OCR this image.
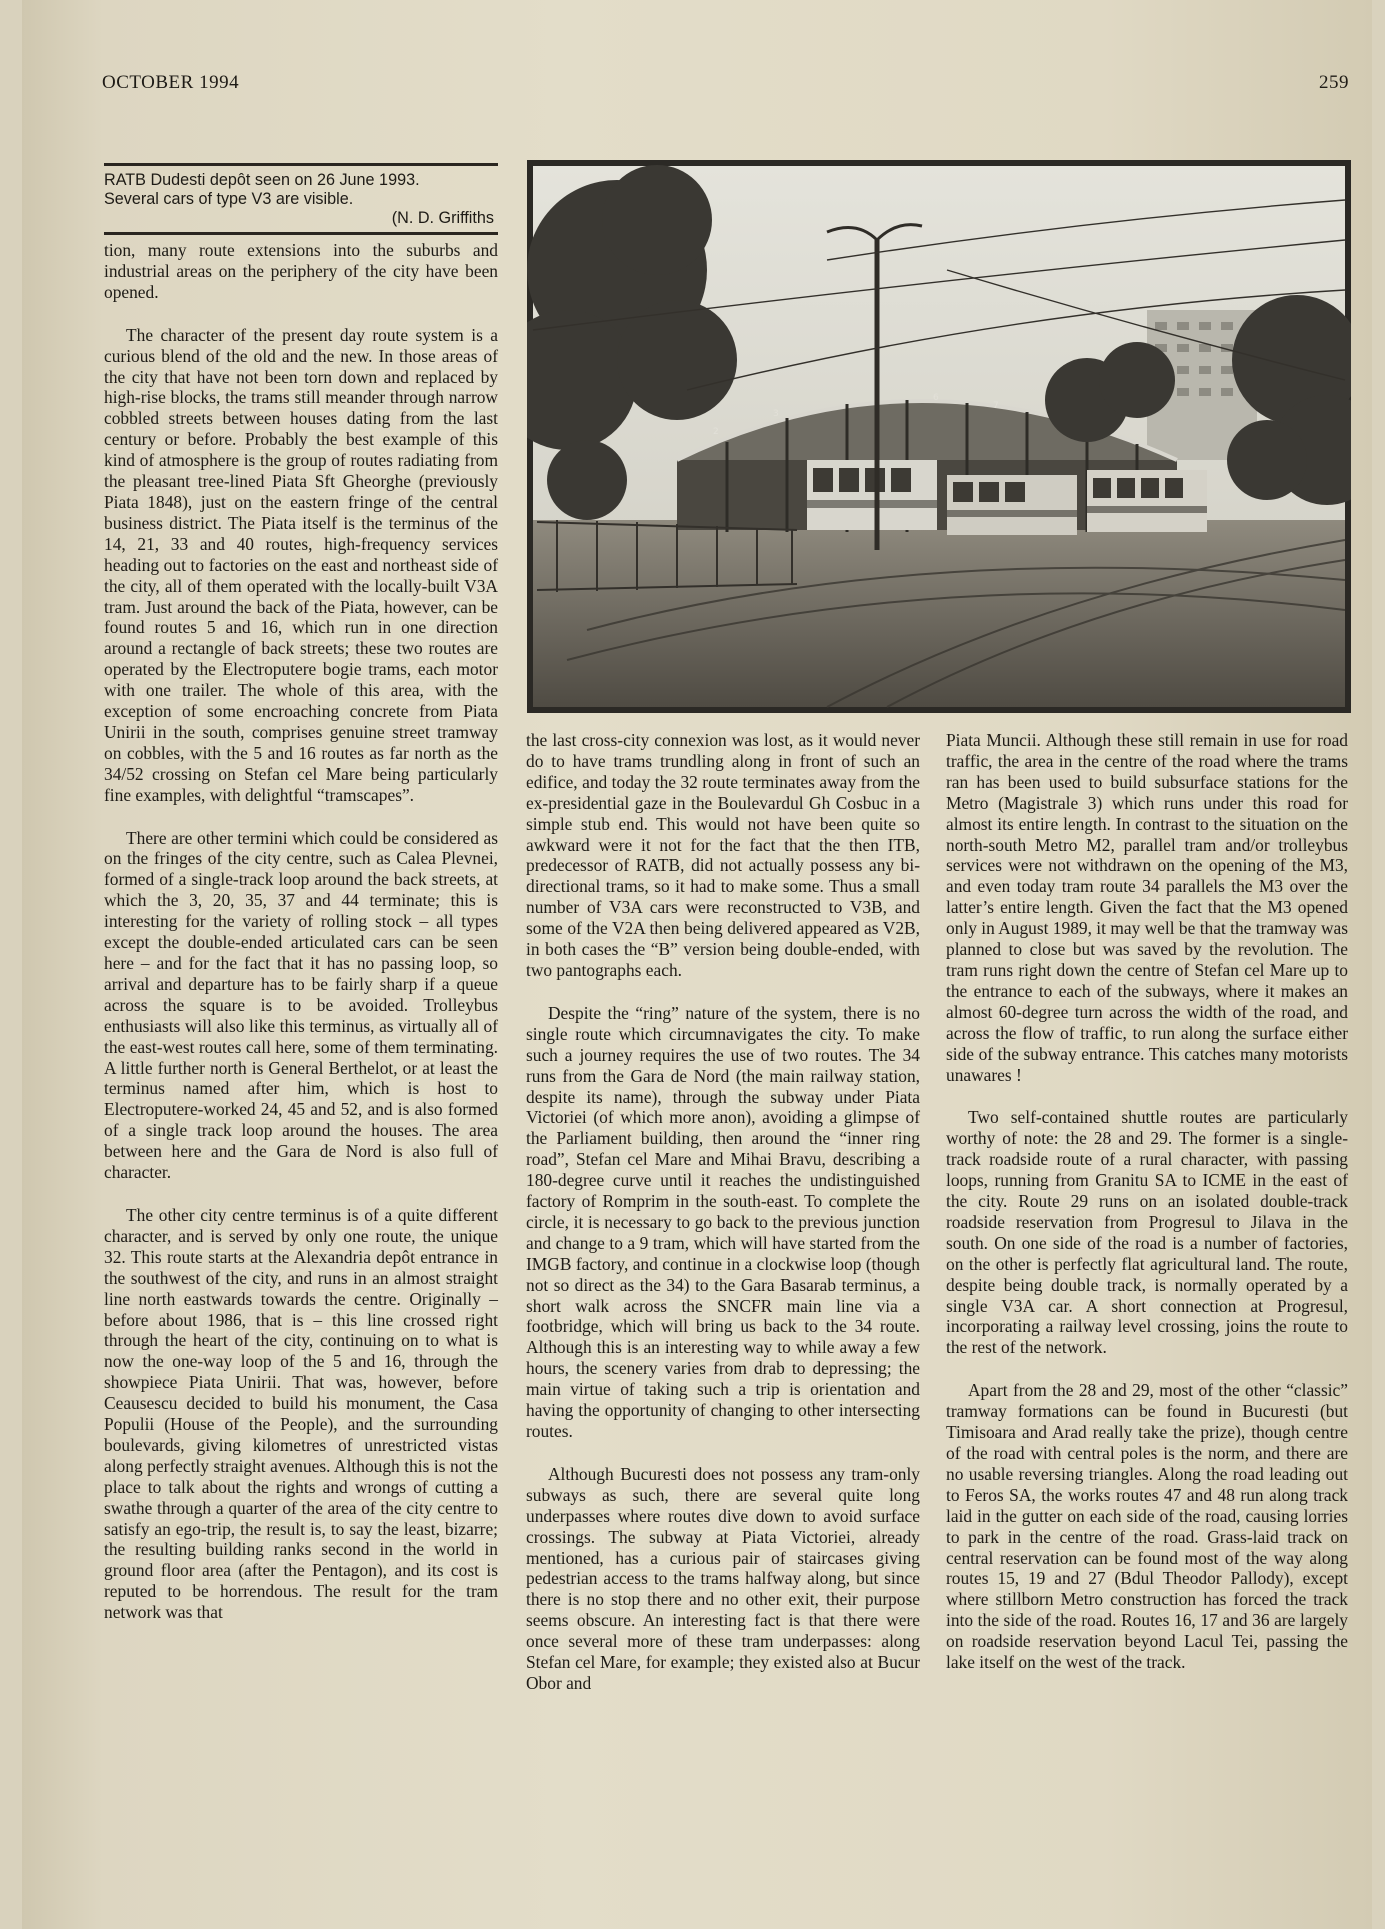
OCTOBER 1994	259
RATB Dudesti depôt seen on 26 June 1993.
Several cars of type V3 are visible.
(N. D. Griffiths
2
3
6
7

tion, many route extensions into the suburbs and industrial areas on the periphery of the city have been opened.

The character of the present day route system is a curious blend of the old and the new. In those areas of the city that have not been torn down and replaced by high-rise blocks, the trams still meander through narrow cobbled streets between houses dating from the last century or before. Probably the best example of this kind of atmosphere is the group of routes radiating from the pleasant tree-lined Piata Sft Gheorghe (previously Piata 1848), just on the eastern fringe of the central business district. The Piata itself is the terminus of the 14, 21, 33 and 40 routes, high-frequency services heading out to factories on the east and northeast side of the city, all of them operated with the locally-built V3A tram. Just around the back of the Piata, however, can be found routes 5 and 16, which run in one direction around a rectangle of back streets; these two routes are operated by the Electroputere bogie trams, each motor with one trailer. The whole of this area, with the exception of some encroaching concrete from Piata Unirii in the south, comprises genuine street tramway on cobbles, with the 5 and 16 routes as far north as the 34/52 crossing on Stefan cel Mare being particularly fine examples, with delightful “tramscapes”.

There are other termini which could be considered as on the fringes of the city centre, such as Calea Plevnei, formed of a single-track loop around the back streets, at which the 3, 20, 35, 37 and 44 terminate; this is interesting for the variety of rolling stock – all types except the double-ended articulated cars can be seen here – and for the fact that it has no passing loop, so arrival and departure has to be fairly sharp if a queue across the square is to be avoided. Trolleybus enthusiasts will also like this terminus, as virtually all of the east-west routes call here, some of them terminating. A little further north is General Berthelot, or at least the terminus named after him, which is host to Electroputere-worked 24, 45 and 52, and is also formed of a single track loop around the houses. The area between here and the Gara de Nord is also full of character.

The other city centre terminus is of a quite different character, and is served by only one route, the unique 32. This route starts at the Alexandria depôt entrance in the southwest of the city, and runs in an almost straight line north eastwards towards the centre. Originally – before about 1986, that is – this line crossed right through the heart of the city, continuing on to what is now the one-way loop of the 5 and 16, through the showpiece Piata Unirii. That was, however, before Ceausescu decided to build his monument, the Casa Populii (House of the People), and the surrounding boulevards, giving kilometres of unrestricted vistas along perfectly straight avenues. Although this is not the place to talk about the rights and wrongs of cutting a swathe through a quarter of the area of the city centre to satisfy an ego-trip, the result is, to say the least, bizarre; the resulting building ranks second in the world in ground floor area (after the Pentagon), and its cost is reputed to be horrendous. The result for the tram network was that

the last cross-city connexion was lost, as it would never do to have trams trundling along in front of such an edifice, and today the 32 route terminates away from the ex-presidential gaze in the Boulevardul Gh Cosbuc in a simple stub end. This would not have been quite so awkward were it not for the fact that the then ITB, predecessor of RATB, did not actually possess any bi-directional trams, so it had to make some. Thus a small number of V3A cars were reconstructed to V3B, and some of the V2A then being delivered appeared as V2B, in both cases the “B” version being double-ended, with two pantographs each.

Despite the “ring” nature of the system, there is no single route which circumnavigates the city. To make such a journey requires the use of two routes. The 34 runs from the Gara de Nord (the main railway station, despite its name), through the subway under Piata Victoriei (of which more anon), avoiding a glimpse of the Parliament building, then around the “inner ring road”, Stefan cel Mare and Mihai Bravu, describing a 180-degree curve until it reaches the undistinguished factory of Romprim in the south-east. To complete the circle, it is necessary to go back to the previous junction and change to a 9 tram, which will have started from the IMGB factory, and continue in a clockwise loop (though not so direct as the 34) to the Gara Basarab terminus, a short walk across the SNCFR main line via a footbridge, which will bring us back to the 34 route. Although this is an interesting way to while away a few hours, the scenery varies from drab to depressing; the main virtue of taking such a trip is orientation and having the opportunity of changing to other intersecting routes.

Although Bucuresti does not possess any tram-only subways as such, there are several quite long underpasses where routes dive down to avoid surface crossings. The subway at Piata Victoriei, already mentioned, has a curious pair of staircases giving pedestrian access to the trams halfway along, but since there is no stop there and no other exit, their purpose seems obscure. An interesting fact is that there were once several more of these tram underpasses: along Stefan cel Mare, for example; they existed also at Bucur Obor and

Piata Muncii. Although these still remain in use for road traffic, the area in the centre of the road where the trams ran has been used to build subsurface stations for the Metro (Magistrale 3) which runs under this road for almost its entire length. In contrast to the situation on the north-south Metro M2, parallel tram and/or trolleybus services were not withdrawn on the opening of the M3, and even today tram route 34 parallels the M3 over the latter’s entire length. Given the fact that the M3 opened only in August 1989, it may well be that the tramway was planned to close but was saved by the revolution. The tram runs right down the centre of Stefan cel Mare up to the entrance to each of the subways, where it makes an almost 60-degree turn across the width of the road, and across the flow of traffic, to run along the surface either side of the subway entrance. This catches many motorists unawares !

Two self-contained shuttle routes are particularly worthy of note: the 28 and 29. The former is a single-track roadside route of a rural character, with passing loops, running from Granitu SA to ICME in the east of the city. Route 29 runs on an isolated double-track roadside reservation from Progresul to Jilava in the south. On one side of the road is a number of factories, on the other is perfectly flat agricultural land. The route, despite being double track, is normally operated by a single V3A car. A short connection at Progresul, incorporating a railway level crossing, joins the route to the rest of the network.

Apart from the 28 and 29, most of the other “classic” tramway formations can be found in Bucuresti (but Timisoara and Arad really take the prize), though centre of the road with central poles is the norm, and there are no usable reversing triangles. Along the road leading out to Feros SA, the works routes 47 and 48 run along track laid in the gutter on each side of the road, causing lorries to park in the centre of the road. Grass-laid track on central reservation can be found most of the way along routes 15, 19 and 27 (Bdul Theodor Pallody), except where stillborn Metro construction has forced the track into the side of the road. Routes 16, 17 and 36 are largely on roadside reservation beyond Lacul Tei, passing the lake itself on the west of the track.
